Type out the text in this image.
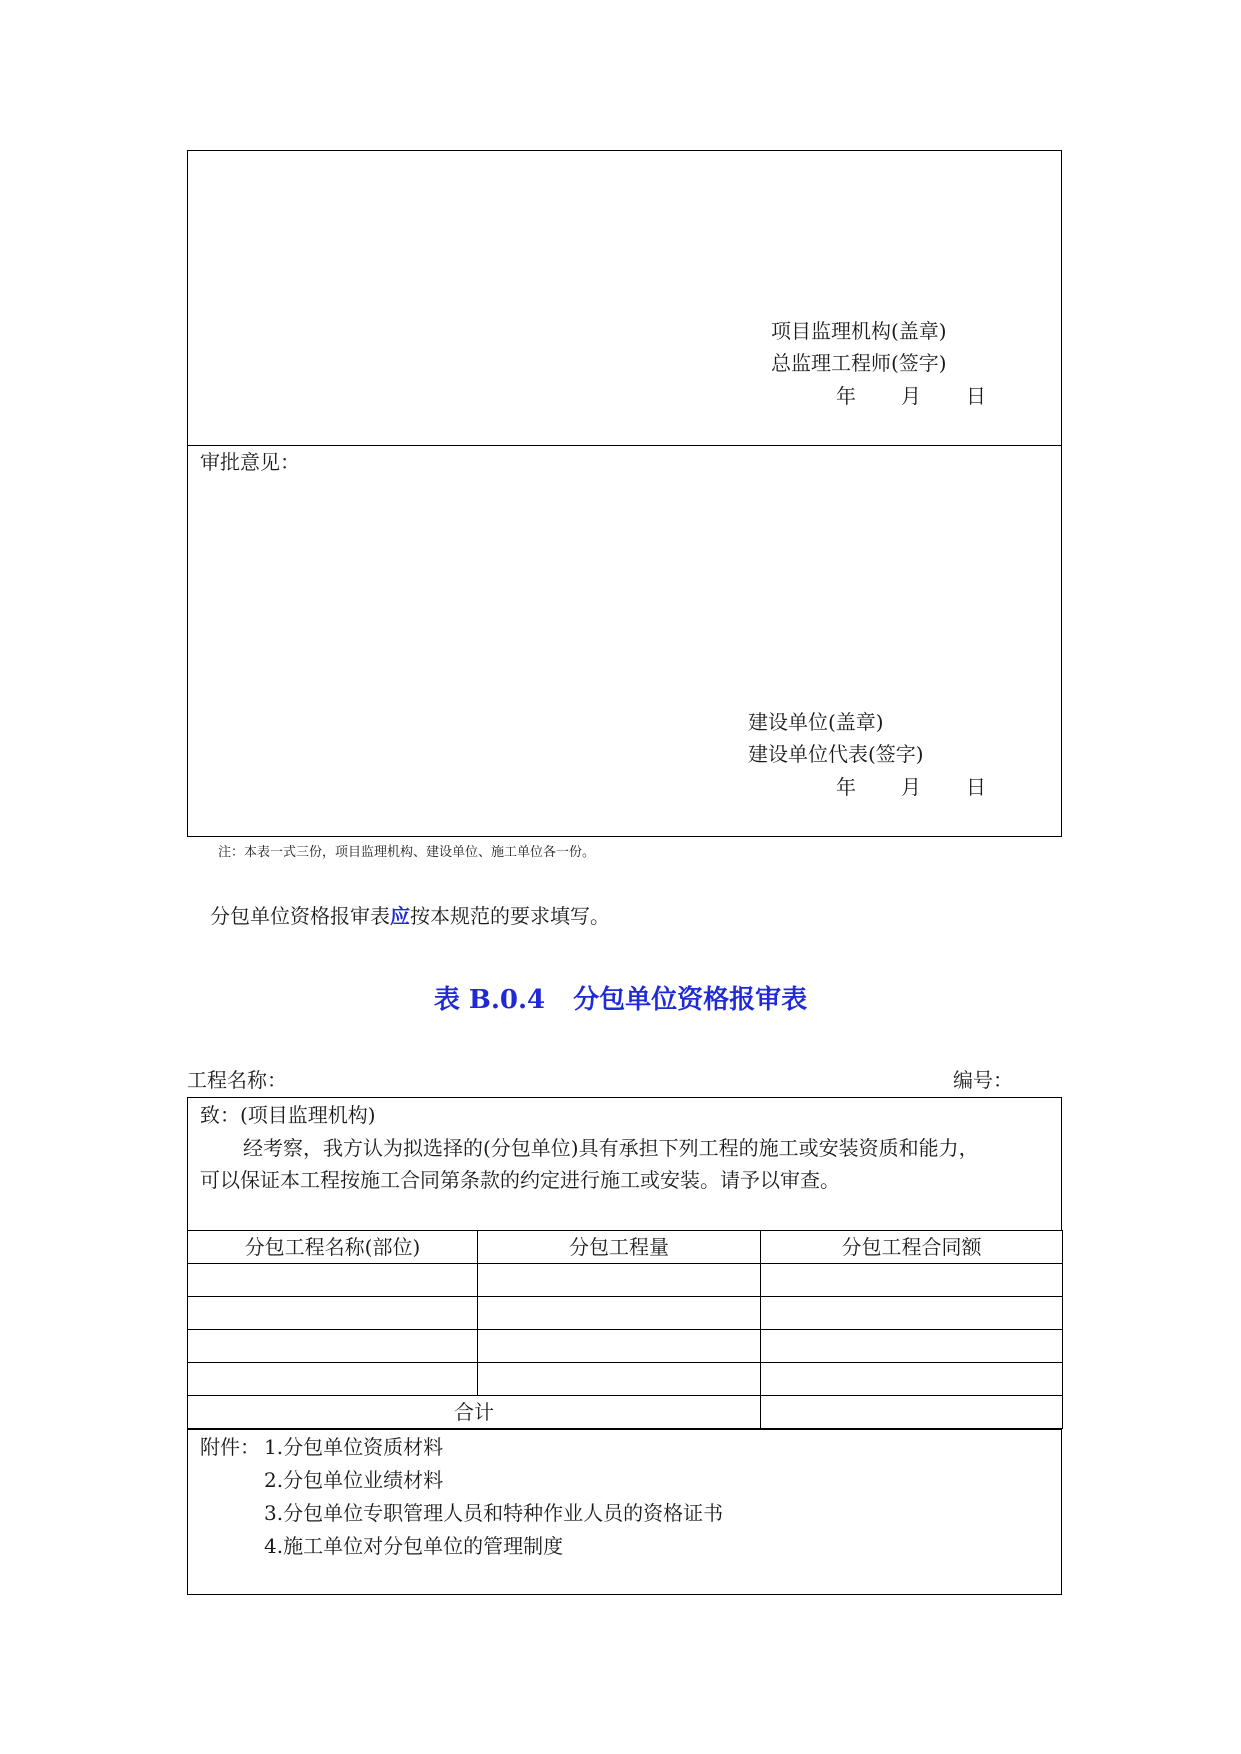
项目监理机构(盖章)
总监理工程师(签字)
年 月 日
审批意见：
建设单位(盖章)
建设单位代表(签字)
年 月 日
注：本表一式三份，项目监理机构、建设单位、施工单位各一份。
分包单位资格报审表应按本规范的要求填写。
表 B.0.4 分包单位资格报审表
工程名称：	编号：
致：(项目监理机构)
经考察，我方认为拟选择的(分包单位)具有承担下列工程的施工或安装资质和能力，
可以保证本工程按施工合同第条款的约定进行施工或安装。请予以审查。
分包工程名称(部位)	分包工程量	分包工程合同额

合计		
附件： 1.分包单位资质材料
2.分包单位业绩材料
3.分包单位专职管理人员和特种作业人员的资格证书
4.施工单位对分包单位的管理制度
